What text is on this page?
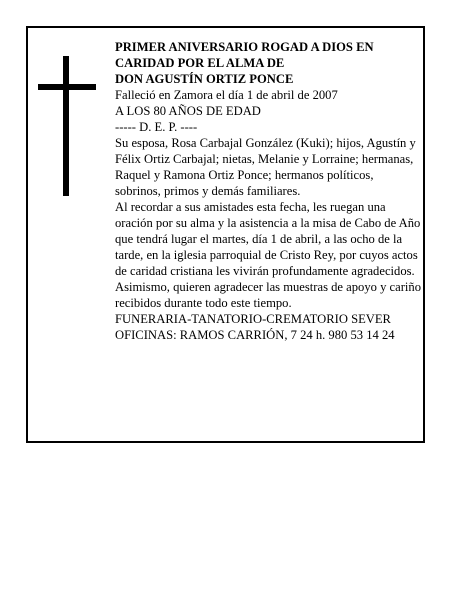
PRIMER ANIVERSARIO ROGAD A DIOS EN

CARIDAD POR EL ALMA DE

DON AGUSTÍN ORTIZ PONCE

Falleció en Zamora el día 1 de abril de 2007

A LOS 80 AÑOS DE EDAD

----- D. E. P. ----

Su esposa, Rosa Carbajal González (Kuki); hijos, Agustín y Félix Ortiz Carbajal; nietas, Melanie y Lorraine; hermanas, Raquel y Ramona Ortiz Ponce; hermanos políticos, sobrinos, primos y demás familiares.

Al recordar a sus amistades esta fecha, les ruegan una oración por su alma y la asistencia a la misa de Cabo de Año que tendrá lugar el martes, día 1 de abril, a las ocho de la tarde, en la iglesia parroquial de Cristo Rey, por cuyos actos de caridad cristiana les vivirán profundamente agradecidos. Asimismo, quieren agradecer las muestras de apoyo y cariño recibidos durante todo este tiempo.

FUNERARIA-TANATORIO-CREMATORIO SEVER

OFICINAS: RAMOS CARRIÓN, 7 24 h. 980 53 14 24
